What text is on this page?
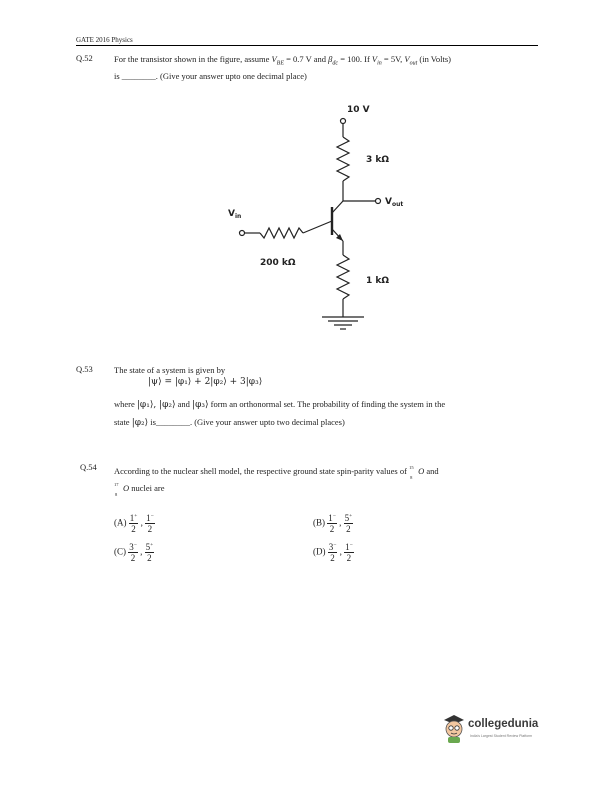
GATE 2016 Physics
Q.52 For the transistor shown in the figure, assume $V_{BE} = 0.7$ V and $\beta_{dc} = 100$. If $V_{in} = 5V$, $V_{out}$ (in Volts)
is ________. (Give your answer upto one decimal place)
10 V
3 kΩ
$V_{out}$
$V_{in}$
200 kΩ
1 kΩ
Q.53 The state of a system is given by
|ψ⟩ = |φ₁⟩ + 2|φ₂⟩ + 3|φ₃⟩
where |φ₁⟩, |φ₂⟩ and |φ₃⟩ form an orthonormal set. The probability of finding the system in the
state |φ₂⟩ is________. (Give your answer upto two decimal places)
Q.54 According to the nuclear shell model, the respective ground state spin-parity values of 15
8
O and
17
8
O nuclei are
$(A) \frac{1^+}{2}$ , $\frac{1^-}{2}$	$(B) \frac{1^-}{2}$ , $\frac{5^+}{2}$
$(C) \frac{3^-}{2}$ , $\frac{5^+}{2}$	$(D) \frac{3^-}{2}$ , $\frac{1^-}{2}$
collegedunia
India's Largest Student Review Platform
